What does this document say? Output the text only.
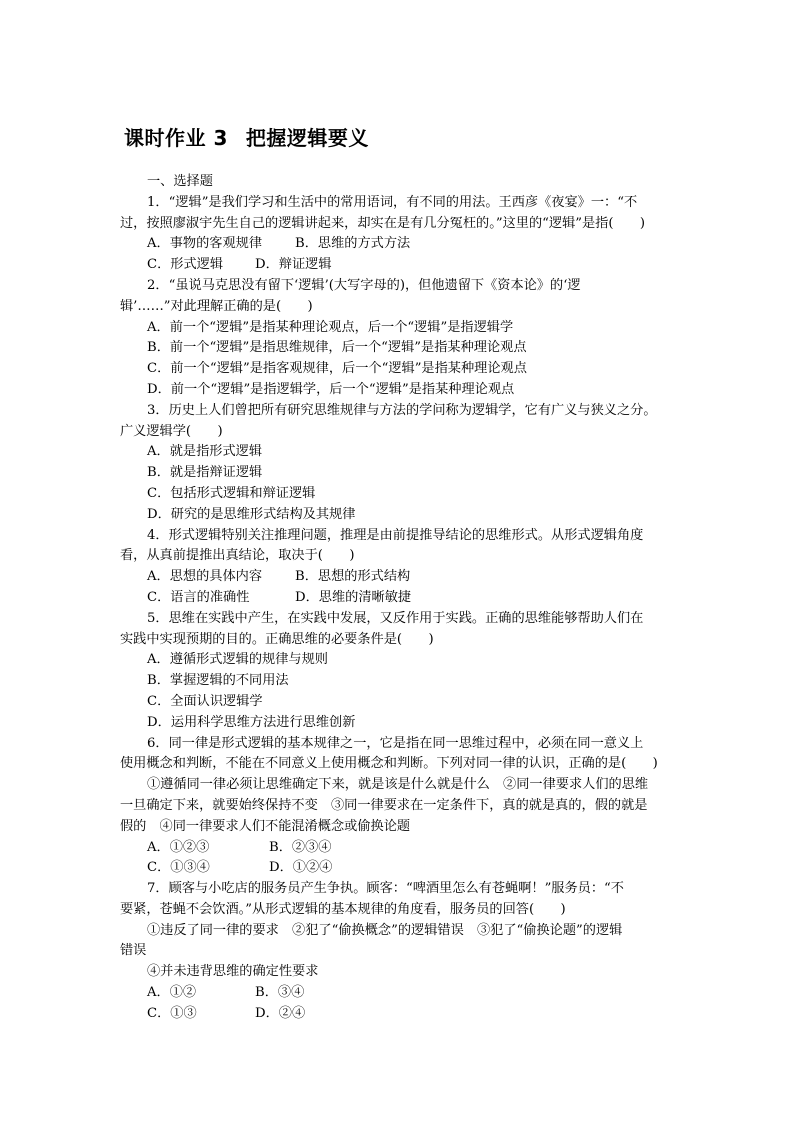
课时作业 3 把握逻辑要义
一、选择题
1．“逻辑”是我们学习和生活中的常用语词，有不同的用法。王西彦《夜宴》一：“不
过，按照廖淑宇先生自己的逻辑讲起来，却实在是有几分冤枉的。”这里的“逻辑”是指(　　)
A．事物的客观规律 B．思维的方式方法
C．形式逻辑 D．辩证逻辑
2．“虽说马克思没有留下‘逻辑’(大写字母的)，但他遗留下《资本论》的‘逻
辑’……”对此理解正确的是(　　)
A．前一个“逻辑”是指某种理论观点，后一个“逻辑”是指逻辑学
B．前一个“逻辑”是指思维规律，后一个“逻辑”是指某种理论观点
C．前一个“逻辑”是指客观规律，后一个“逻辑”是指某种理论观点
D．前一个“逻辑”是指逻辑学，后一个“逻辑”是指某种理论观点
3．历史上人们曾把所有研究思维规律与方法的学问称为逻辑学，它有广义与狭义之分。
广义逻辑学(　　)
A．就是指形式逻辑
B．就是指辩证逻辑
C．包括形式逻辑和辩证逻辑
D．研究的是思维形式结构及其规律
4．形式逻辑特别关注推理问题，推理是由前提推导结论的思维形式。从形式逻辑角度
看，从真前提推出真结论，取决于(　　)
A．思想的具体内容 B．思想的形式结构
C．语言的准确性	D．思维的清晰敏捷
5．思维在实践中产生，在实践中发展，又反作用于实践。正确的思维能够帮助人们在
实践中实现预期的目的。正确思维的必要条件是(　　)
A．遵循形式逻辑的规律与规则
B．掌握逻辑的不同用法
C．全面认识逻辑学
D．运用科学思维方法进行思维创新
6．同一律是形式逻辑的基本规律之一，它是指在同一思维过程中，必须在同一意义上
使用概念和判断，不能在不同意义上使用概念和判断。下列对同一律的认识，正确的是(　　)
①遵循同一律必须让思维确定下来，就是该是什么就是什么　②同一律要求人们的思维
一旦确定下来，就要始终保持不变　③同一律要求在一定条件下，真的就是真的，假的就是
假的　④同一律要求人们不能混淆概念或偷换论题
A．①②③	B．②③④
C．①③④	D．①②④
7．顾客与小吃店的服务员产生争执。顾客：“啤酒里怎么有苍蝇啊！”服务员：“不
要紧，苍蝇不会饮酒。”从形式逻辑的基本规律的角度看，服务员的回答(　　)
①违反了同一律的要求　②犯了“偷换概念”的逻辑错误　③犯了“偷换论题”的逻辑
错误
④并未违背思维的确定性要求
A．①②	B．③④
C．①③	D．②④
